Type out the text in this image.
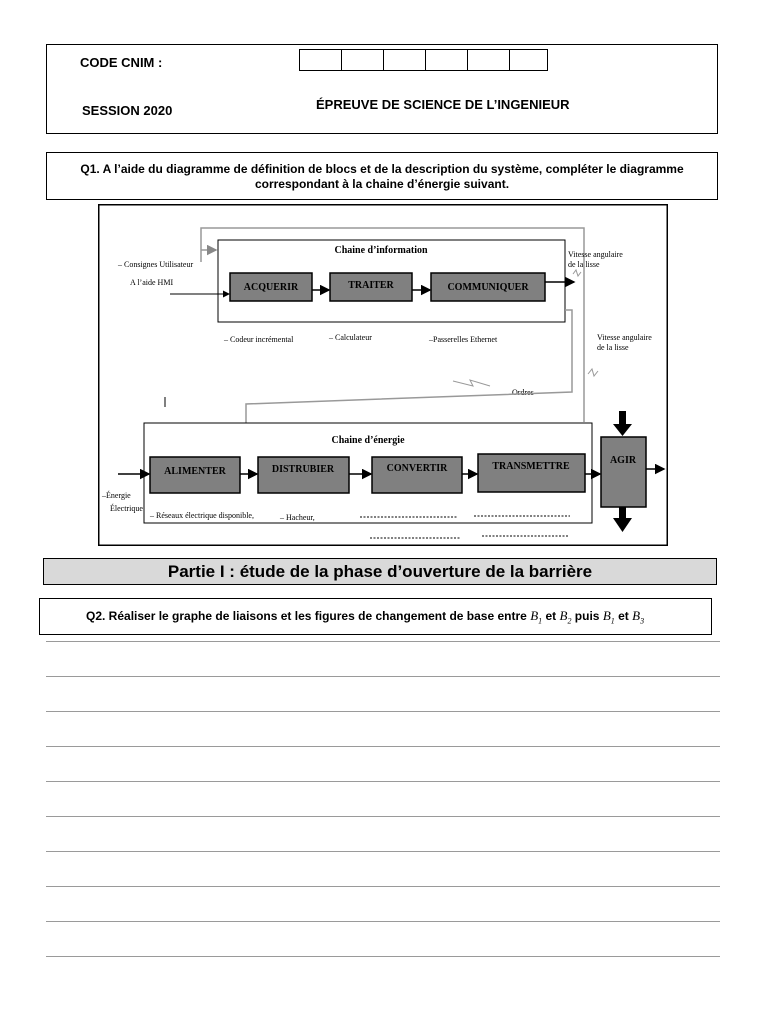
CODE CNIM :
SESSION 2020	ÉPREUVE DE SCIENCE DE L’INGENIEUR
Q1. A l’aide du diagramme de définition de blocs et de la description du système, compléter le diagramme
correspondant à la chaine d’énergie suivant.
Chaine d’information
ACQUERIR	TRAITER	COMMUNIQUER
– Consignes Utilisateur
A l’aide HMI
Vitesse angulaire
de la lisse
– Codeur incrémental	– Calculateur	–Passerelles Ethernet	Vitesse angulaire
de la lisse
Ordres
Chaine d’énergie
ALIMENTER	DISTRUBIER	CONVERTIR	TRANSMETTRE
AGIR
–Énergie
Électrique
– Réseaux électrique disponible,	– Hacheur,
Partie I : étude de la phase d’ouverture de la barrière
Q2. Réaliser le graphe de liaisons et les figures de changement de base entre $B_1$ et $B_2$ puis $B_1$ et $B_3$
